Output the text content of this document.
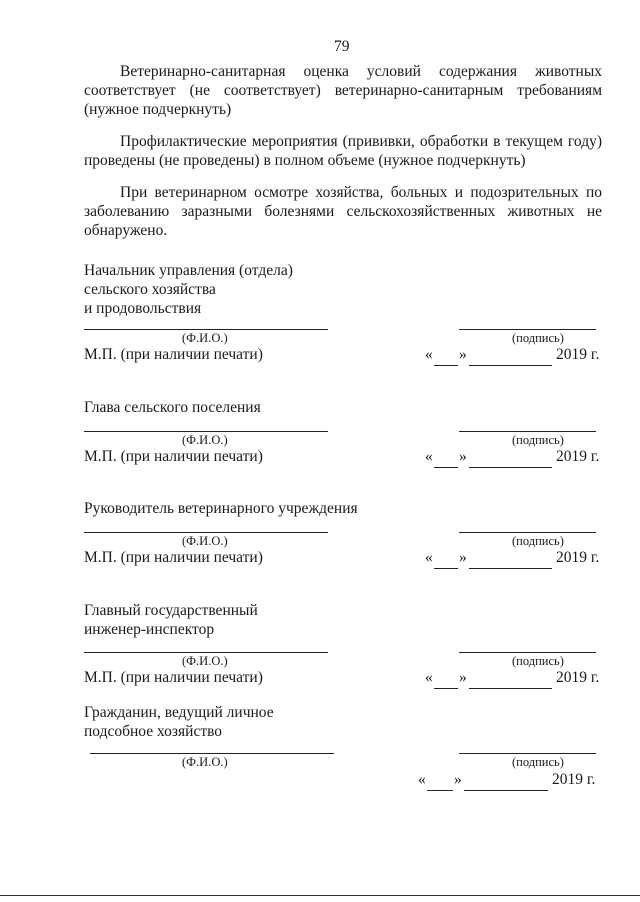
79
Ветеринарно-санитарная оценка условий содержания животных
соответствует (не соответствует) ветеринарно-санитарным требованиям
(нужное подчеркнуть)
Профилактические мероприятия (прививки, обработки в текущем году)
проведены (не проведены) в полном объеме (нужное подчеркнуть)
При ветеринарном осмотре хозяйства, больных и подозрительных по
заболеванию заразными болезнями сельскохозяйственных животных не
обнаружено.
Начальник управления (отдела)
сельского хозяйства
и продовольствия
(Ф.И.О.)	(подпись)
М.П. (при наличии печати)	« »	2019 г.
Глава сельского поселения
(Ф.И.О.)	(подпись)
М.П. (при наличии печати)	« »	2019 г.
Руководитель ветеринарного учреждения
(Ф.И.О.)	(подпись)
М.П. (при наличии печати)	« »	2019 г.
Главный государственный
инженер-инспектор
(Ф.И.О.)	(подпись)
М.П. (при наличии печати)	« »	2019 г.
Гражданин, ведущий личное
подсобное хозяйство
(Ф.И.О.)	(подпись)
« »	2019 г.
